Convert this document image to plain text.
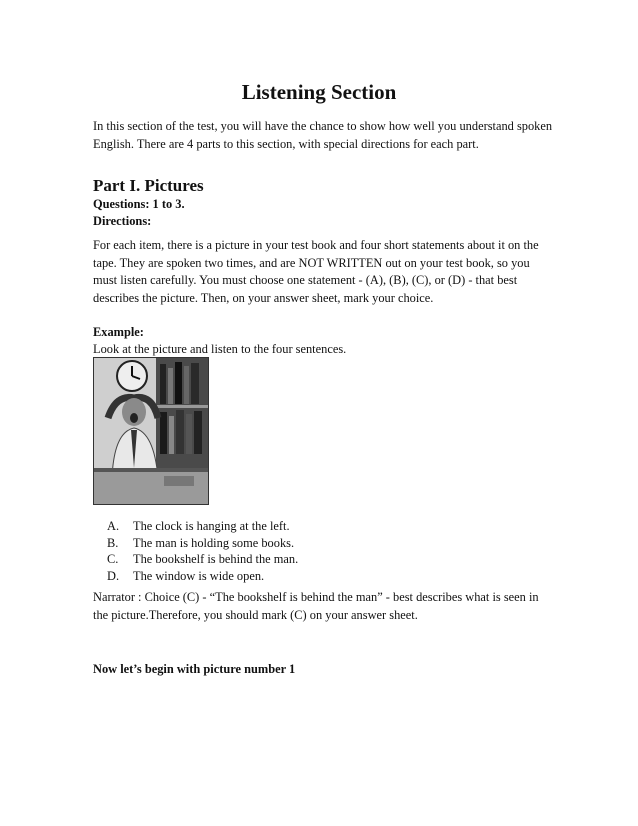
Listening Section
In this section of the test, you will have the chance to show how well you understand spoken English. There are 4 parts to this section, with special directions for each part.
Part I. Pictures
Questions: 1 to 3.
Directions:
For each item, there is a picture in your test book and four short statements about it on the tape. They are spoken two times, and are NOT WRITTEN out on your test book, so you must listen carefully. You must choose one statement - (A), (B), (C), or (D) - that best describes the picture. Then, on your answer sheet, mark your choice.
Example:
Look at the picture and listen to the four sentences.
A.	The clock is hanging at the left.
B.	The man is holding some books.
C.	The bookshelf is behind the man.
D.	The window is wide open.
Narrator : Choice (C) - “The bookshelf is behind the man” - best describes what is seen in the picture.Therefore, you should mark (C) on your answer sheet.
Now let’s begin with picture number 1
